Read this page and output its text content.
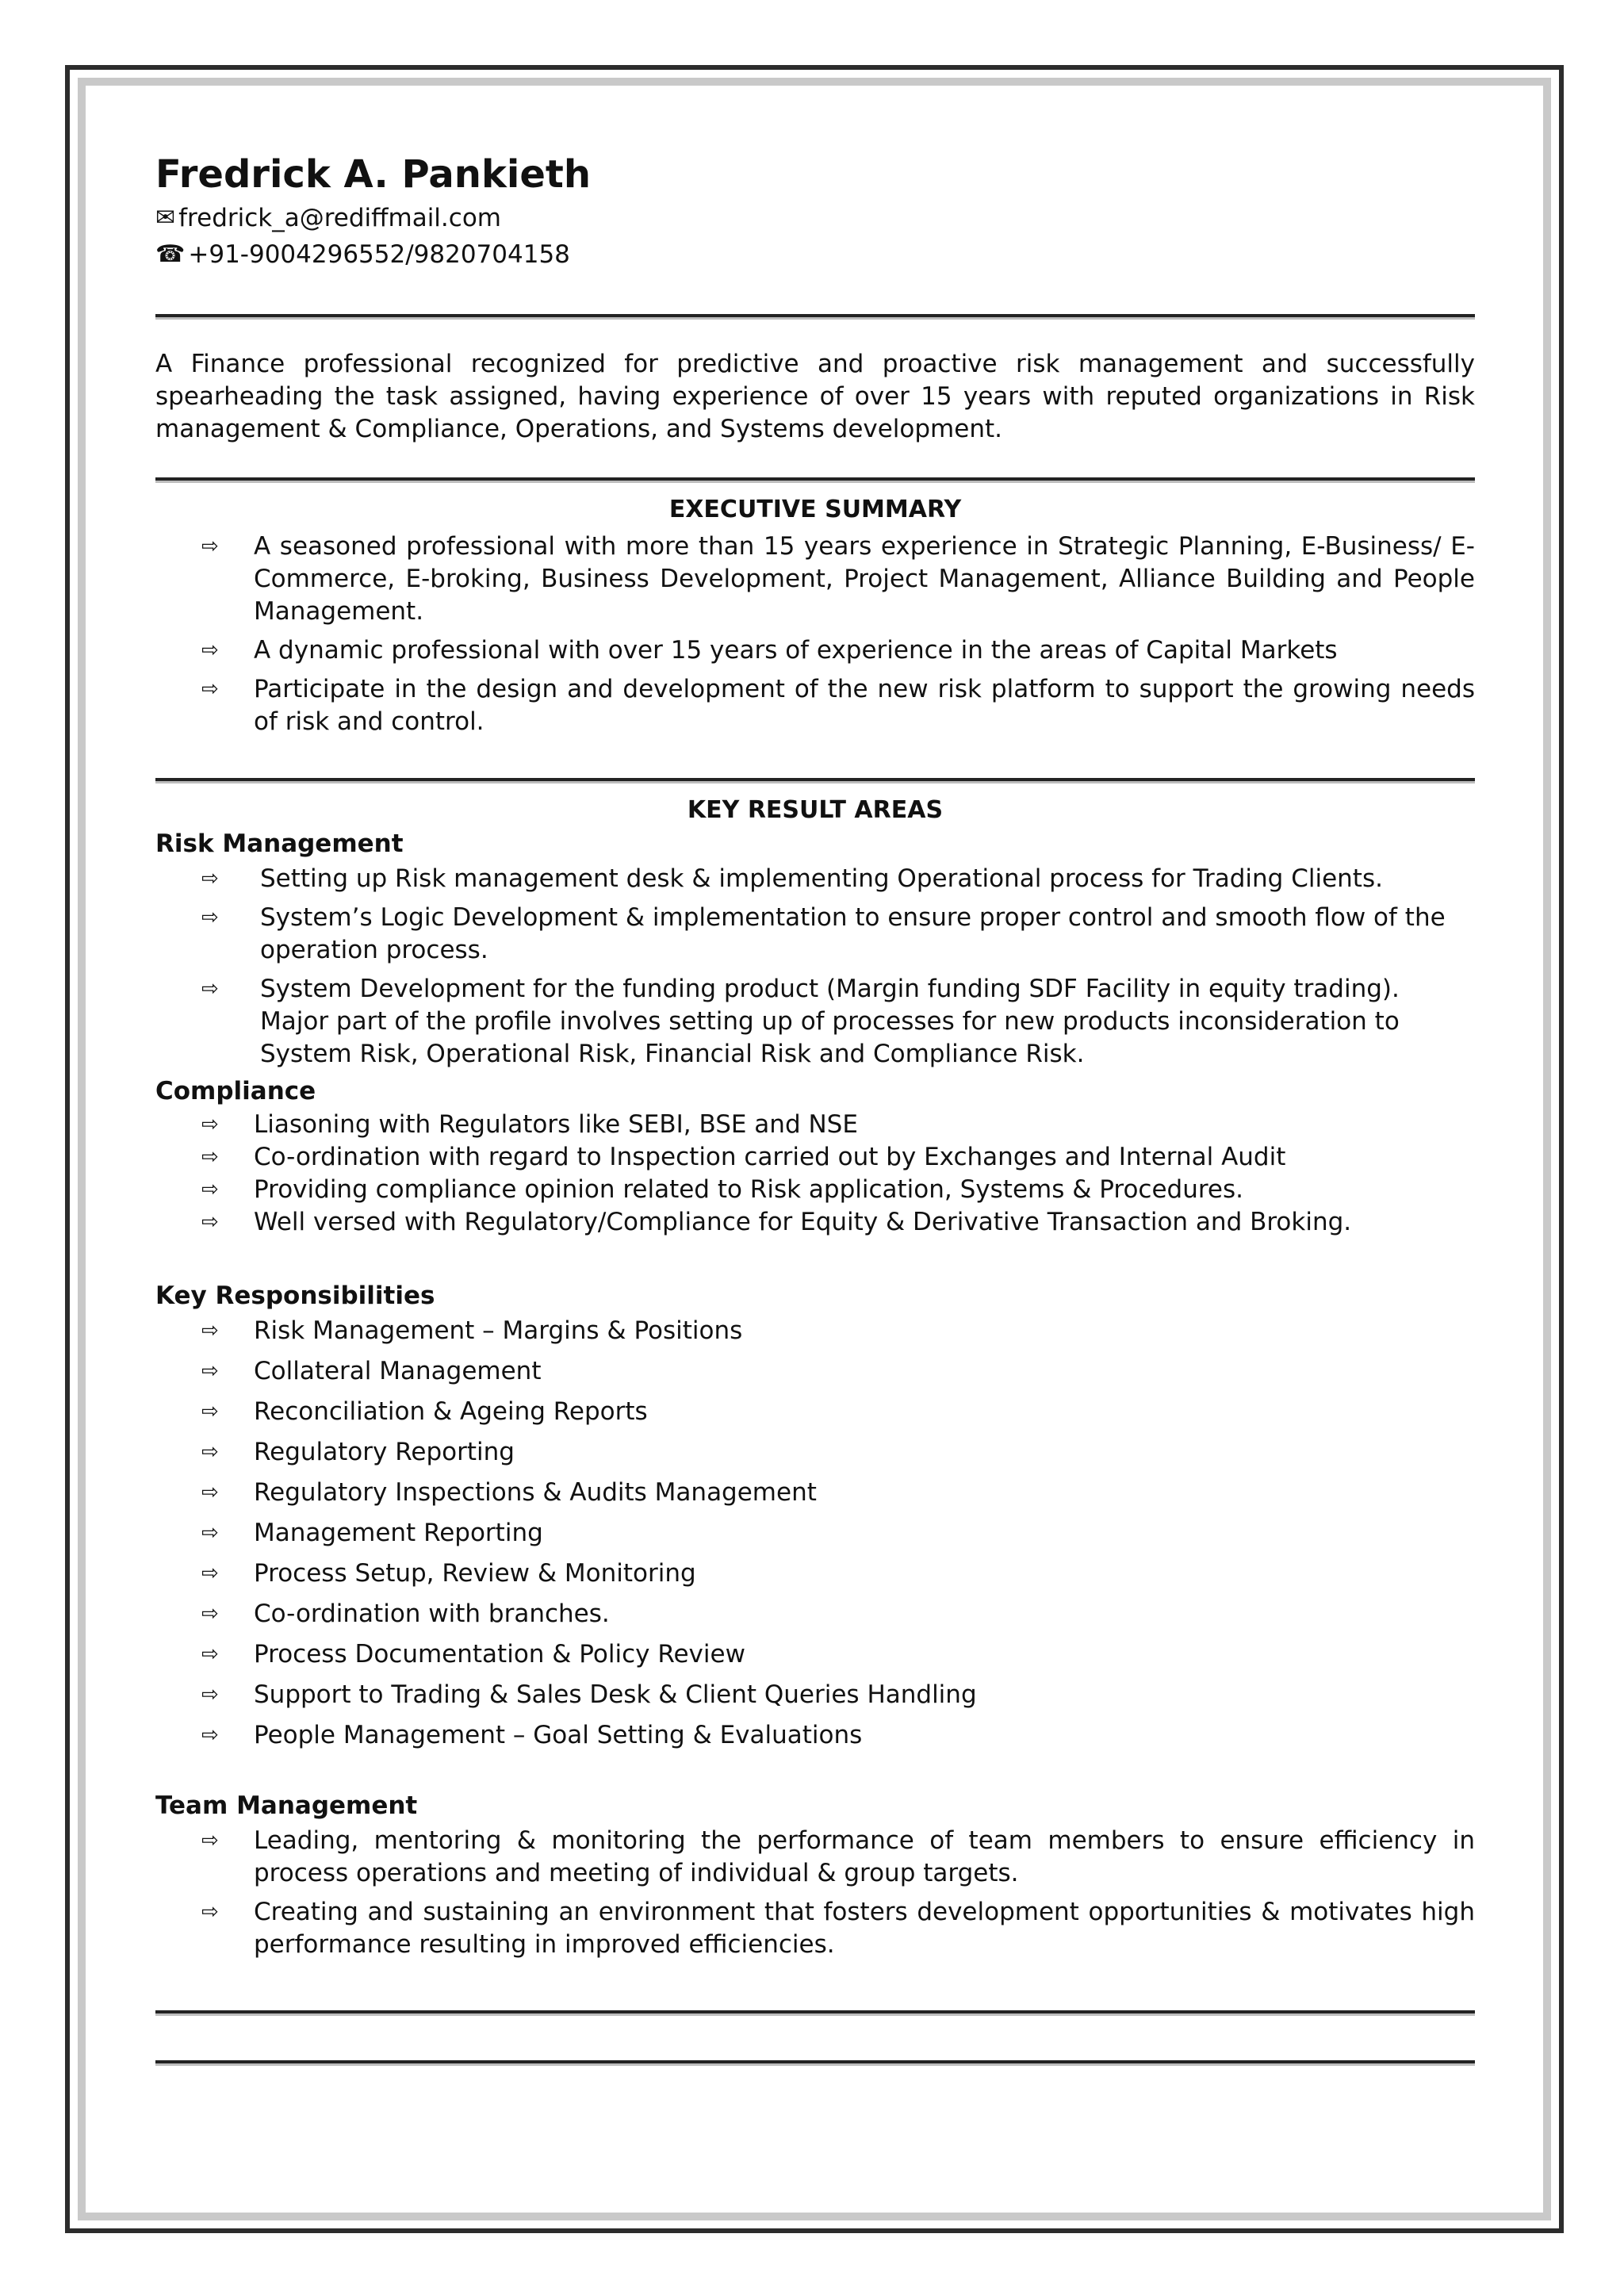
Fredrick A. Pankieth
✉ fredrick_a@rediffmail.com
☎ +91-9004296552/9820704158

A Finance professional recognized for predictive and proactive risk management and successfully spearheading the task assigned, having experience of over 15 years with reputed organizations in Risk management & Compliance, Operations, and Systems development.

EXECUTIVE SUMMARY
⇨ A seasoned professional with more than 15 years experience in Strategic Planning, E-Business/ E-Commerce, E-broking, Business Development, Project Management, Alliance Building and People Management.
⇨ A dynamic professional with over 15 years of experience in the areas of Capital Markets
⇨ Participate in the design and development of the new risk platform to support the growing needs of risk and control.
KEY RESULT AREAS
Risk Management
⇨ Setting up Risk management desk & implementing Operational process for Trading Clients.
⇨ System’s Logic Development & implementation to ensure proper control and smooth flow of the operation process.
⇨ System Development for the funding product (Margin funding SDF Facility in equity trading). Major part of the profile involves setting up of processes for new products inconsideration to System Risk, Operational Risk, Financial Risk and Compliance Risk.
Compliance
⇨ Liasoning with Regulators like SEBI, BSE and NSE
⇨ Co-ordination with regard to Inspection carried out by Exchanges and Internal Audit
⇨ Providing compliance opinion related to Risk application, Systems & Procedures.
⇨ Well versed with Regulatory/Compliance for Equity & Derivative Transaction and Broking.
Key Responsibilities
⇨ Risk Management – Margins & Positions
⇨ Collateral Management
⇨ Reconciliation & Ageing Reports
⇨ Regulatory Reporting
⇨ Regulatory Inspections & Audits Management
⇨ Management Reporting
⇨ Process Setup, Review & Monitoring
⇨ Co-ordination with branches.
⇨ Process Documentation & Policy Review
⇨ Support to Trading & Sales Desk & Client Queries Handling
⇨ People Management – Goal Setting & Evaluations
Team Management
⇨ Leading, mentoring & monitoring the performance of team members to ensure efficiency in process operations and meeting of individual & group targets.
⇨ Creating and sustaining an environment that fosters development opportunities & motivates high performance resulting in improved efficiencies.
